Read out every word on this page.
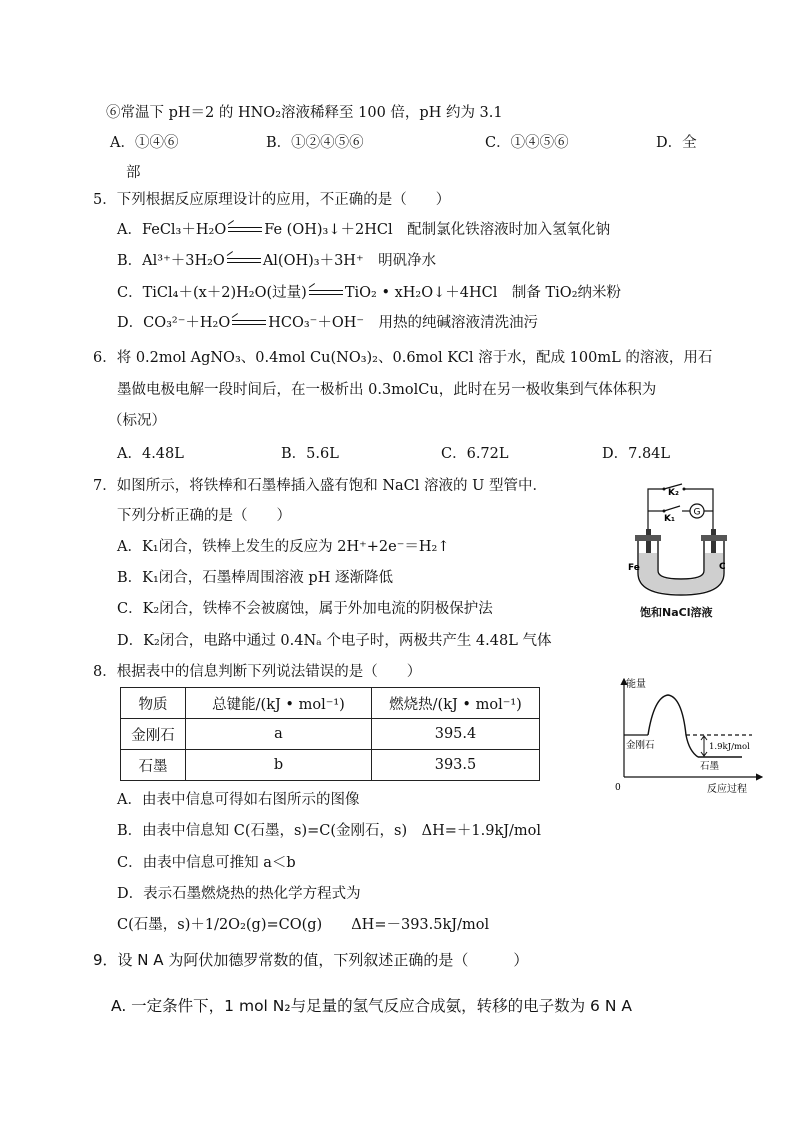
⑥常温下 pH＝2 的 HNO₂溶液稀释至 100 倍，pH 约为 3.1
A．①④⑥	B．①②④⑤⑥	C．①④⑤⑥	D．全
部
5．下列根据反应原理设计的应用，不正确的是（　　）
A．FeCl₃＋H₂O	Fe (OH)₃↓＋2HCl　配制氯化铁溶液时加入氢氧化钠
B．Al³⁺＋3H₂O	Al(OH)₃＋3H⁺　明矾净水
C．TiCl₄＋(x＋2)H₂O(过量)	TiO₂ • xH₂O↓＋4HCl　制备 TiO₂纳米粉
D．CO₃²⁻＋H₂O	HCO₃⁻＋OH⁻　用热的纯碱溶液清洗油污
6．将 0.2mol AgNO₃、0.4mol Cu(NO₃)₂、0.6mol KCl 溶于水，配成 100mL 的溶液，用石
墨做电极电解一段时间后，在一极析出 0.3molCu，此时在另一极收集到气体体积为
（标况）
A．4.48L	B．5.6L	C．6.72L	D．7.84L
7．如图所示，将铁棒和石墨棒插入盛有饱和 NaCl 溶液的 U 型管中．
下列分析正确的是（　　）
A．K₁闭合，铁棒上发生的反应为 2H⁺+2e⁻＝H₂↑
B．K₁闭合，石墨棒周围溶液 pH 逐渐降低
C．K₂闭合，铁棒不会被腐蚀，属于外加电流的阴极保护法
D．K₂闭合，电路中通过 0.4Nₐ 个电子时，两极共产生 4.48L 气体
K₂
K₁
G
Fe	C
饱和NaCl溶液
8．根据表中的信息判断下列说法错误的是（　　）
物质	总键能/(kJ • mol⁻¹)	燃烧热/(kJ • mol⁻¹)
金刚石	a	395.4
石墨	b	393.5
A．由表中信息可得如右图所示的图像
B．由表中信息知 C(石墨，s)=C(金刚石，s)　ΔH=＋1.9kJ/mol
C．由表中信息可推知 a＜b
D．表示石墨燃烧热的热化学方程式为
C(石墨，s)＋1/2O₂(g)=CO(g)　　ΔH=－393.5kJ/mol
能量
0	反应过程
金刚石
石墨
1.9kJ/mol
9．设 N A 为阿伏加德罗常数的值，下列叙述正确的是（　　　）
A. 一定条件下，1 mol N₂与足量的氢气反应合成氨，转移的电子数为 6 N A
